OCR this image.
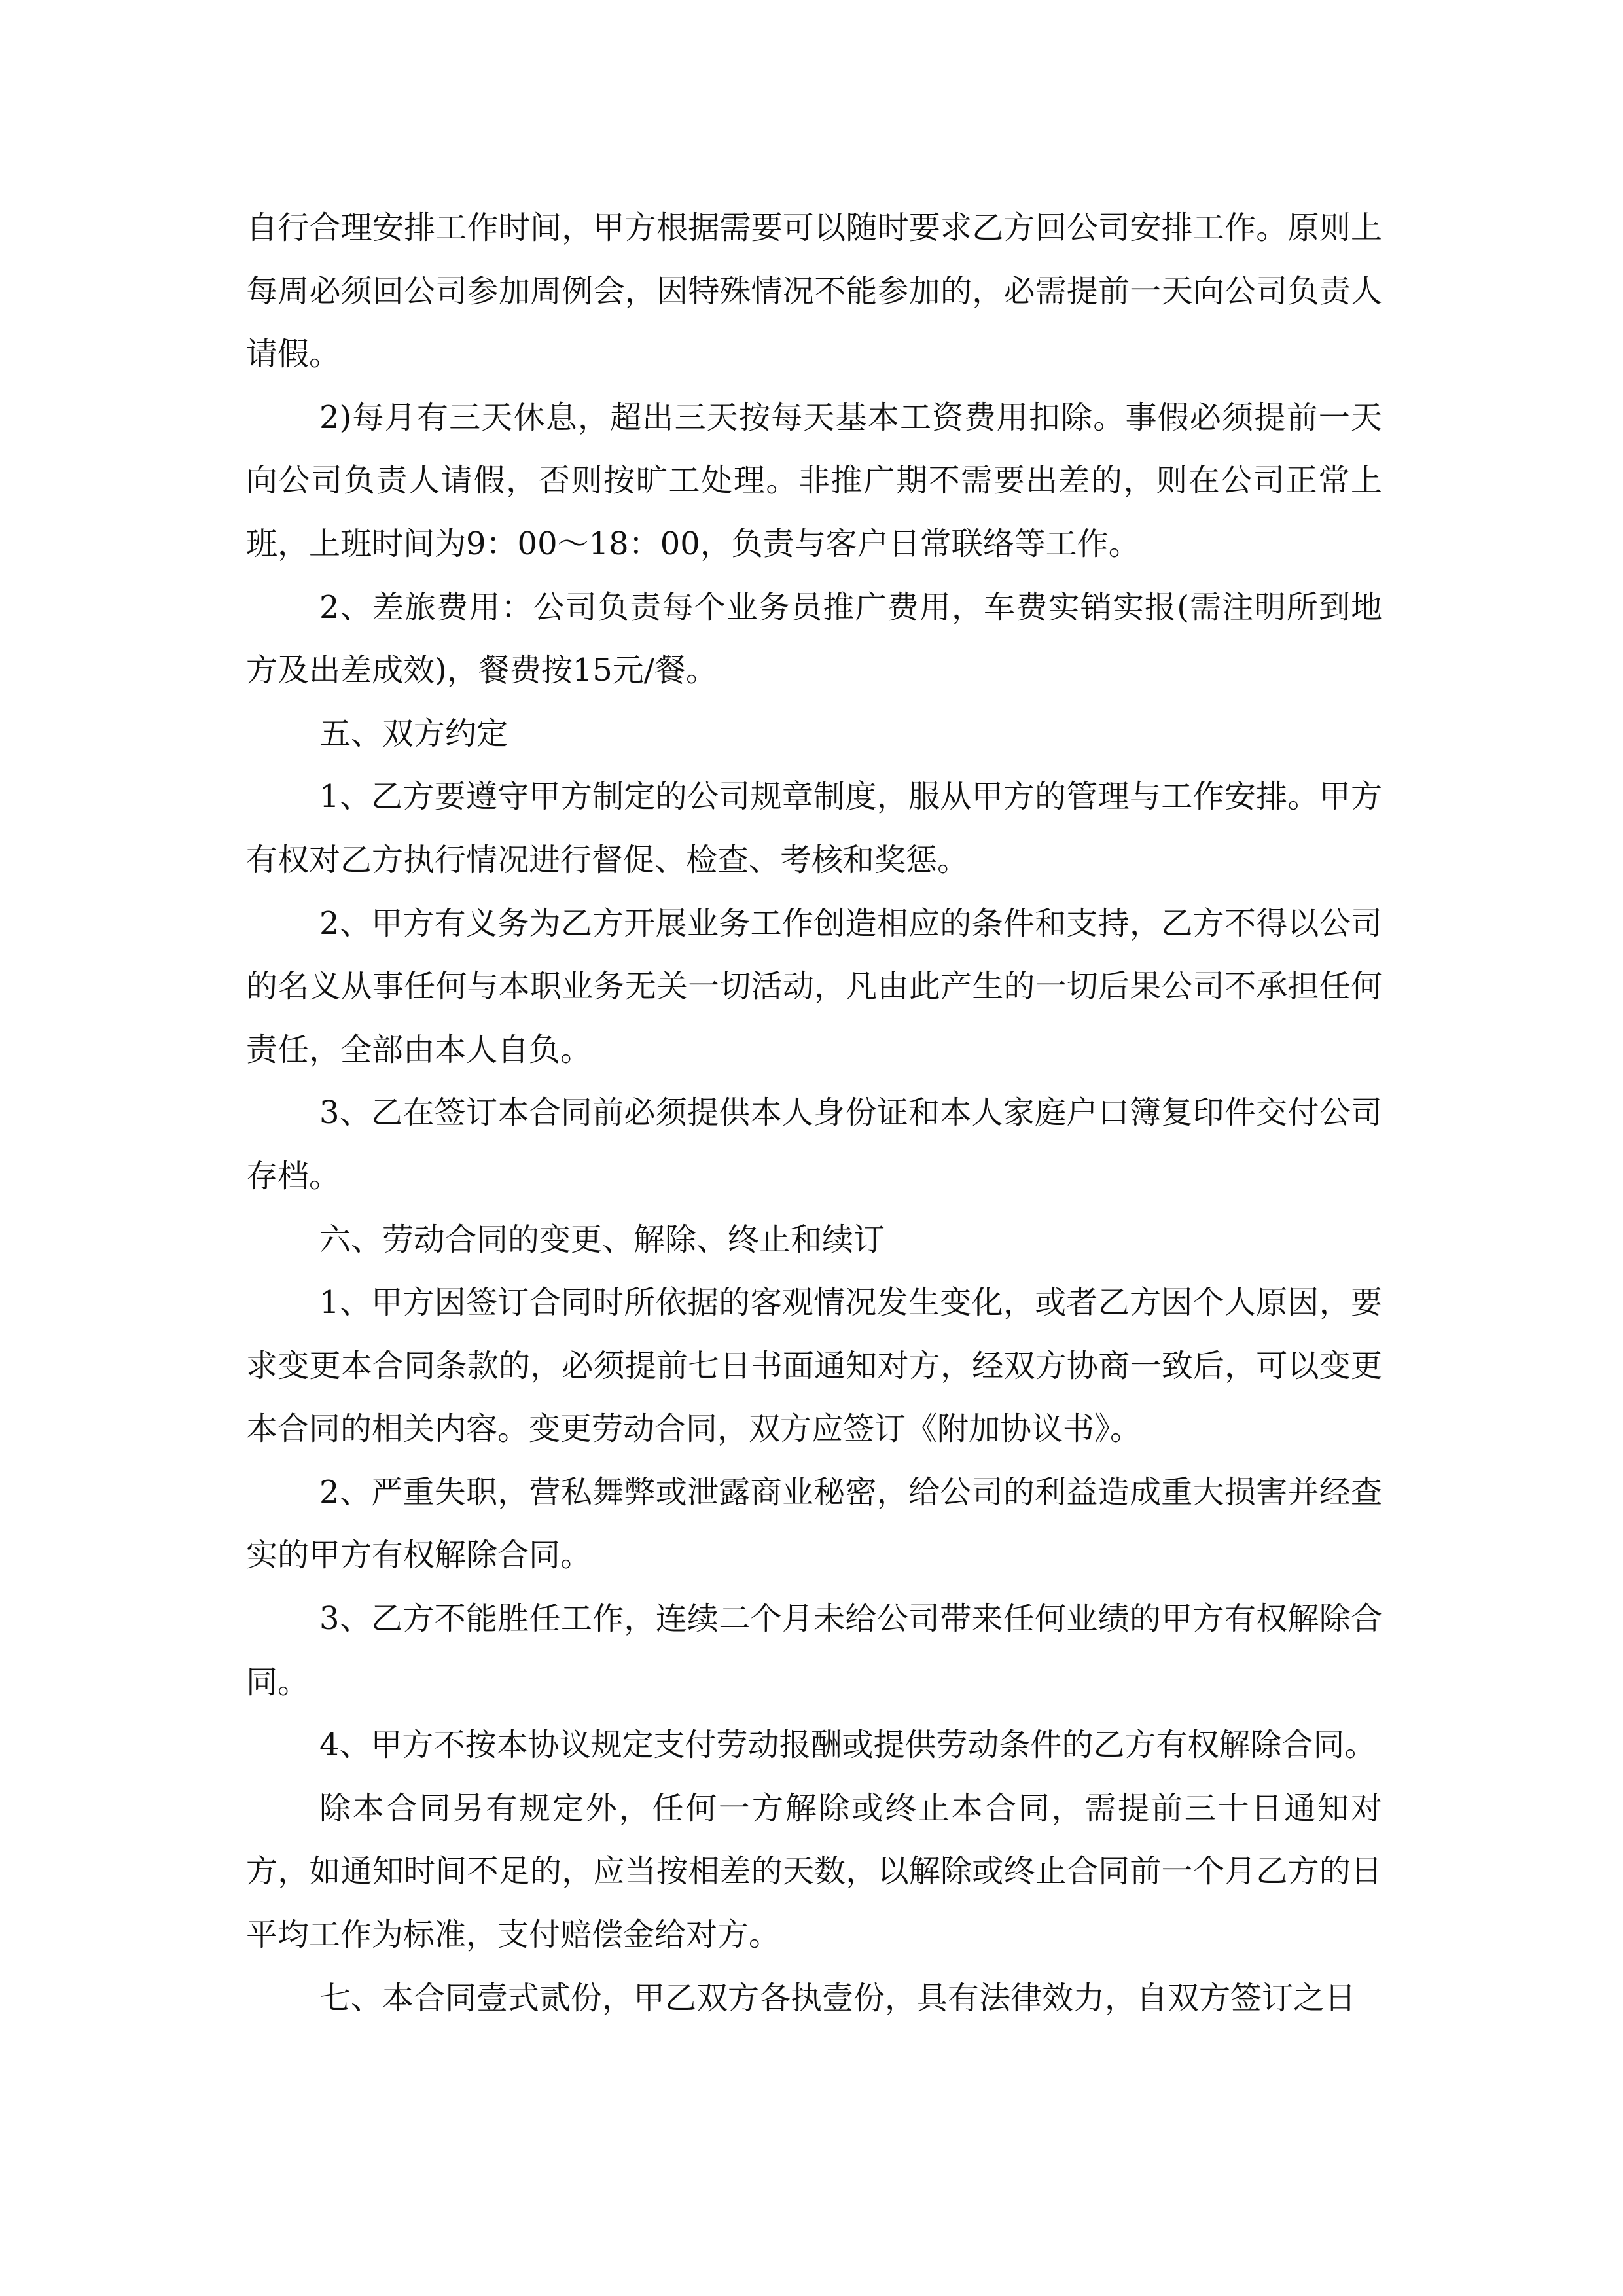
自行合理安排工作时间，甲方根据需要可以随时要求乙方回公司安排工作。原则上每周必须回公司参加周例会，因特殊情况不能参加的，必需提前一天向公司负责人请假。

2)每月有三天休息，超出三天按每天基本工资费用扣除。事假必须提前一天向公司负责人请假，否则按旷工处理。非推广期不需要出差的，则在公司正常上班，上班时间为9：00～18：00，负责与客户日常联络等工作。

2、差旅费用：公司负责每个业务员推广费用，车费实销实报(需注明所到地方及出差成效)，餐费按15元/餐。

五、双方约定

1、乙方要遵守甲方制定的公司规章制度，服从甲方的管理与工作安排。甲方有权对乙方执行情况进行督促、检查、考核和奖惩。

2、甲方有义务为乙方开展业务工作创造相应的条件和支持，乙方不得以公司的名义从事任何与本职业务无关一切活动，凡由此产生的一切后果公司不承担任何责任，全部由本人自负。

3、乙在签订本合同前必须提供本人身份证和本人家庭户口簿复印件交付公司存档。

六、劳动合同的变更、解除、终止和续订

1、甲方因签订合同时所依据的客观情况发生变化，或者乙方因个人原因，要求变更本合同条款的，必须提前七日书面通知对方，经双方协商一致后，可以变更本合同的相关内容。变更劳动合同，双方应签订《附加协议书》。

2、严重失职，营私舞弊或泄露商业秘密，给公司的利益造成重大损害并经查实的甲方有权解除合同。

3、乙方不能胜任工作，连续二个月未给公司带来任何业绩的甲方有权解除合同。

4、甲方不按本协议规定支付劳动报酬或提供劳动条件的乙方有权解除合同。

除本合同另有规定外，任何一方解除或终止本合同，需提前三十日通知对方，如通知时间不足的，应当按相差的天数，以解除或终止合同前一个月乙方的日平均工作为标准，支付赔偿金给对方。

七、本合同壹式贰份，甲乙双方各执壹份，具有法律效力，自双方签订之日
